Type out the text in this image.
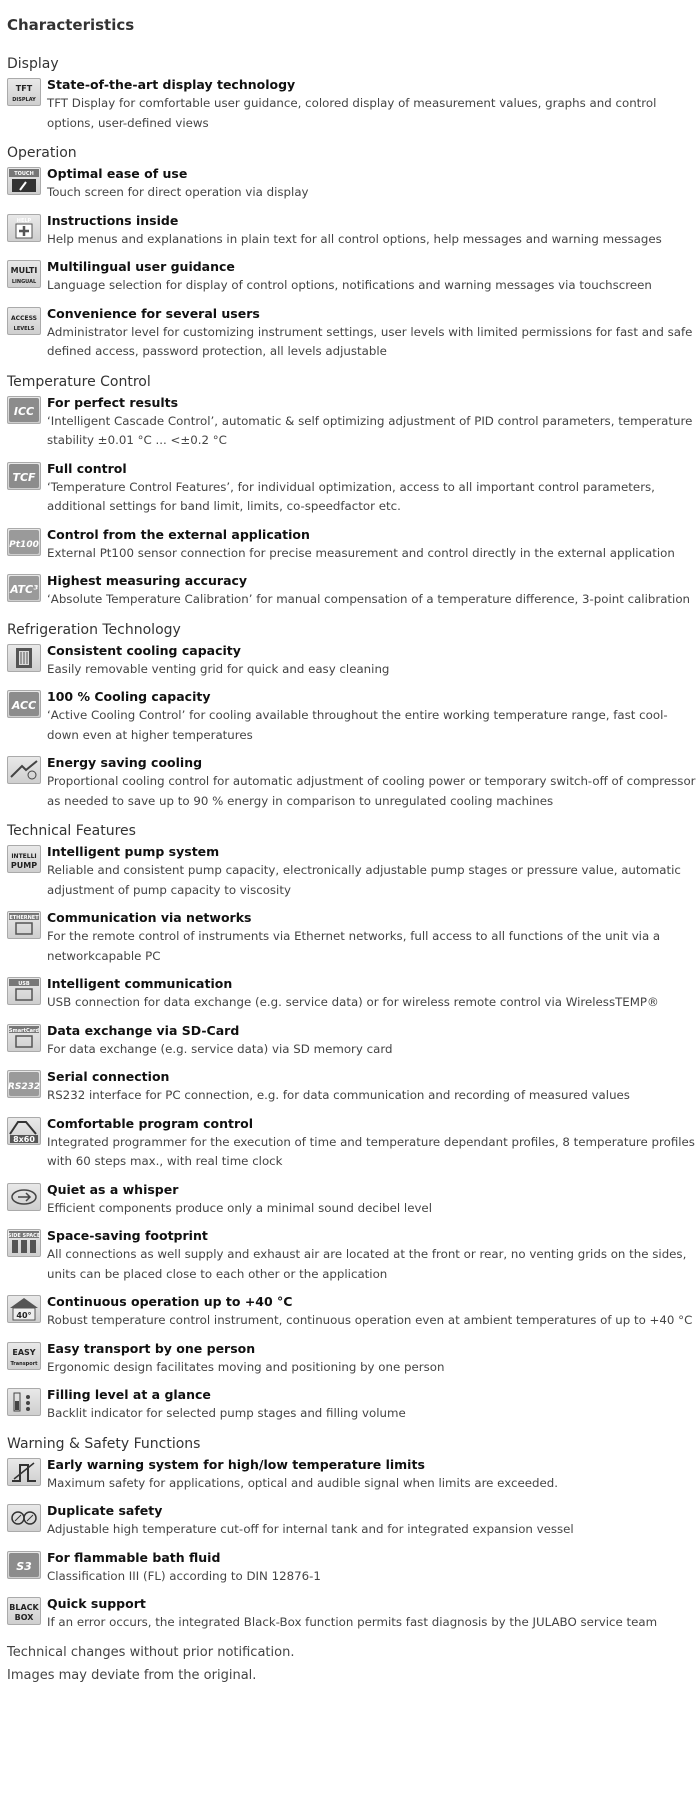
Characteristics
Display
TFT
DISPLAY
State-of-the-art display technology
TFT Display for comfortable user guidance, colored display of measurement values, graphs and control options, user-defined views
Operation
TOUCH Optimal ease of use
Touch screen for direct operation via display
HELP Instructions inside
Help menus and explanations in plain text for all control options, help messages and warning messages
MULTI
LINGUAL
Multilingual user guidance
Language selection for display of control options, notifications and warning messages via touchscreen
ACCESS
LEVELS
Convenience for several users
Administrator level for customizing instrument settings, user levels with limited permissions for fast and safe defined access, password protection, all levels adjustable
Temperature Control
ICC
For perfect results
‘Intelligent Cascade Control’, automatic & self optimizing adjustment of PID control parameters, temperature stability ±0.01 °C ... <±0.2 °C
TCF
Full control
‘Temperature Control Features’, for individual optimization, access to all important control parameters, additional settings for band limit, limits, co-speedfactor etc.
Pt100
Control from the external application
External Pt100 sensor connection for precise measurement and control directly in the external application
ATC³
Highest measuring accuracy
‘Absolute Temperature Calibration’ for manual compensation of a temperature difference, 3-point calibration
Refrigeration Technology
Consistent cooling capacity
Easily removable venting grid for quick and easy cleaning
ACC
100 % Cooling capacity
‘Active Cooling Control’ for cooling available throughout the entire working temperature range, fast cool-down even at higher temperatures
Energy saving cooling
Proportional cooling control for automatic adjustment of cooling power or temporary switch-off of compressor as needed to save up to 90 % energy in comparison to unregulated cooling machines
Technical Features
INTELLI
PUMP
Intelligent pump system
Reliable and consistent pump capacity, electronically adjustable pump stages or pressure value, automatic adjustment of pump capacity to viscosity
ETHERNET Communication via networks
For the remote control of instruments via Ethernet networks, full access to all functions of the unit via a networkcapable PC
USB Intelligent communication
USB connection for data exchange (e.g. service data) or for wireless remote control via WirelessTEMP®
SmartCard Data exchange via SD-Card
For data exchange (e.g. service data) via SD memory card
RS232
Serial connection
RS232 interface for PC connection, e.g. for data communication and recording of measured values
8x60
Comfortable program control
Integrated programmer for the execution of time and temperature dependant profiles, 8 temperature profiles with 60 steps max., with real time clock
Quiet as a whisper
Efficient components produce only a minimal sound decibel level
SIDE SPACE Space-saving footprint
All connections as well supply and exhaust air are located at the front or rear, no venting grids on the sides, units can be placed close to each other or the application
40°
Continuous operation up to +40 °C
Robust temperature control instrument, continuous operation even at ambient temperatures of up to +40 °C
EASY
Transport
Easy transport by one person
Ergonomic design facilitates moving and positioning by one person
Filling level at a glance
Backlit indicator for selected pump stages and filling volume
Warning & Safety Functions
Early warning system for high/low temperature limits
Maximum safety for applications, optical and audible signal when limits are exceeded.
Duplicate safety
Adjustable high temperature cut-off for internal tank and for integrated expansion vessel
S3
For flammable bath fluid
Classification III (FL) according to DIN 12876-1
BLACK
BOX
Quick support
If an error occurs, the integrated Black-Box function permits fast diagnosis by the JULABO service team
Technical changes without prior notification.
Images may deviate from the original.
